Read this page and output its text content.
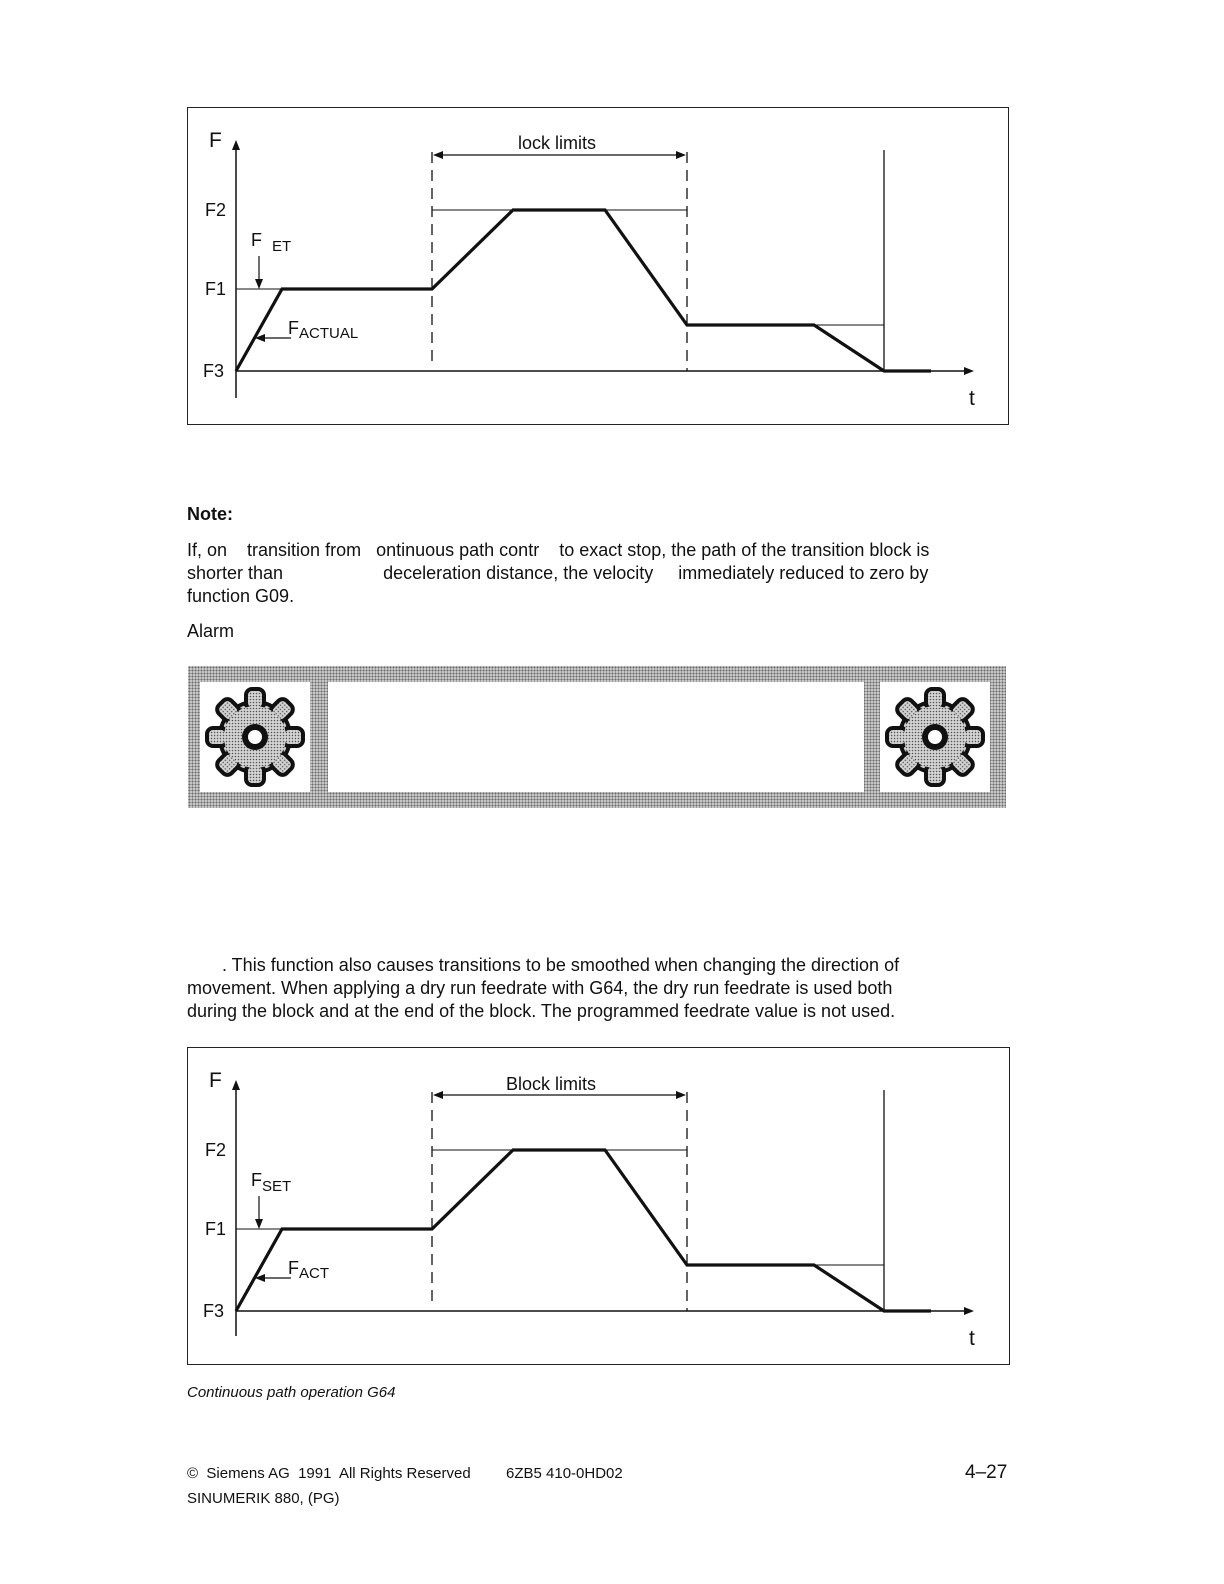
F
t
F2
F1
F3
lock limits
F $_{ET}$
$F_{ACTUAL}$
Note:
If, on    transition from   ontinuous path contr    to exact stop, the path of the transition block is
shorter than                    deceleration distance, the velocity     immediately reduced to zero by
function G09.
Alarm
. This function also causes transitions to be smoothed when changing the direction of
movement. When applying a dry run feedrate with G64, the dry run feedrate is used both
during the block and at the end of the block. The programmed feedrate value is not used.
F
t
F2
F1
F3
Block limits
$F_{SET}$
$F_{ACT}$
Continuous path operation G64
©  Siemens AG  1991  All Rights Reserved 6ZB5 410-0HD02	4–27
SINUMERIK 880, (PG)
